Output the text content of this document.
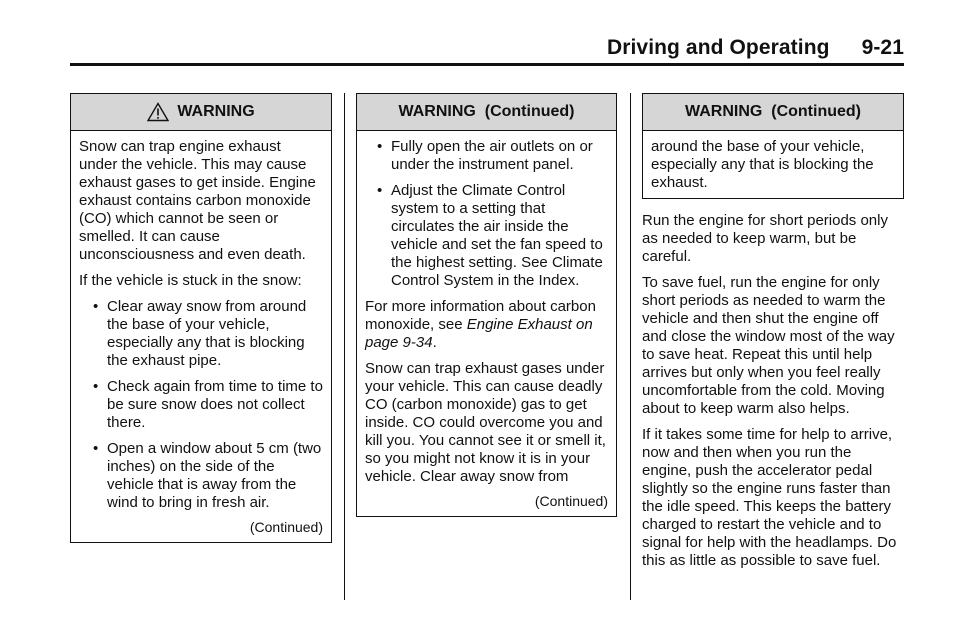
Driving and Operating 9-21
WARNING

Snow can trap engine exhaust under the vehicle. This may cause exhaust gases to get inside. Engine exhaust contains carbon monoxide (CO) which cannot be seen or smelled. It can cause unconsciousness and even death.

If the vehicle is stuck in the snow:

• Clear away snow from around the base of your vehicle, especially any that is blocking the exhaust pipe.
• Check again from time to time to be sure snow does not collect there.
• Open a window about 5 cm (two inches) on the side of the vehicle that is away from the wind to bring in fresh air.
(Continued)
WARNING  (Continued)
• Fully open the air outlets on or under the instrument panel.
• Adjust the Climate Control system to a setting that circulates the air inside the vehicle and set the fan speed to the highest setting. See Climate Control System in the Index.

For more information about carbon monoxide, see Engine Exhaust on page 9-34.

Snow can trap exhaust gases under your vehicle. This can cause deadly CO (carbon monoxide) gas to get inside. CO could overcome you and kill you. You cannot see it or smell it, so you might not know it is in your vehicle. Clear away snow from

(Continued)
WARNING  (Continued)

around the base of your vehicle, especially any that is blocking the exhaust.

Run the engine for short periods only as needed to keep warm, but be careful.

To save fuel, run the engine for only short periods as needed to warm the vehicle and then shut the engine off and close the window most of the way to save heat. Repeat this until help arrives but only when you feel really uncomfortable from the cold. Moving about to keep warm also helps.

If it takes some time for help to arrive, now and then when you run the engine, push the accelerator pedal slightly so the engine runs faster than the idle speed. This keeps the battery charged to restart the vehicle and to signal for help with the headlamps. Do this as little as possible to save fuel.
